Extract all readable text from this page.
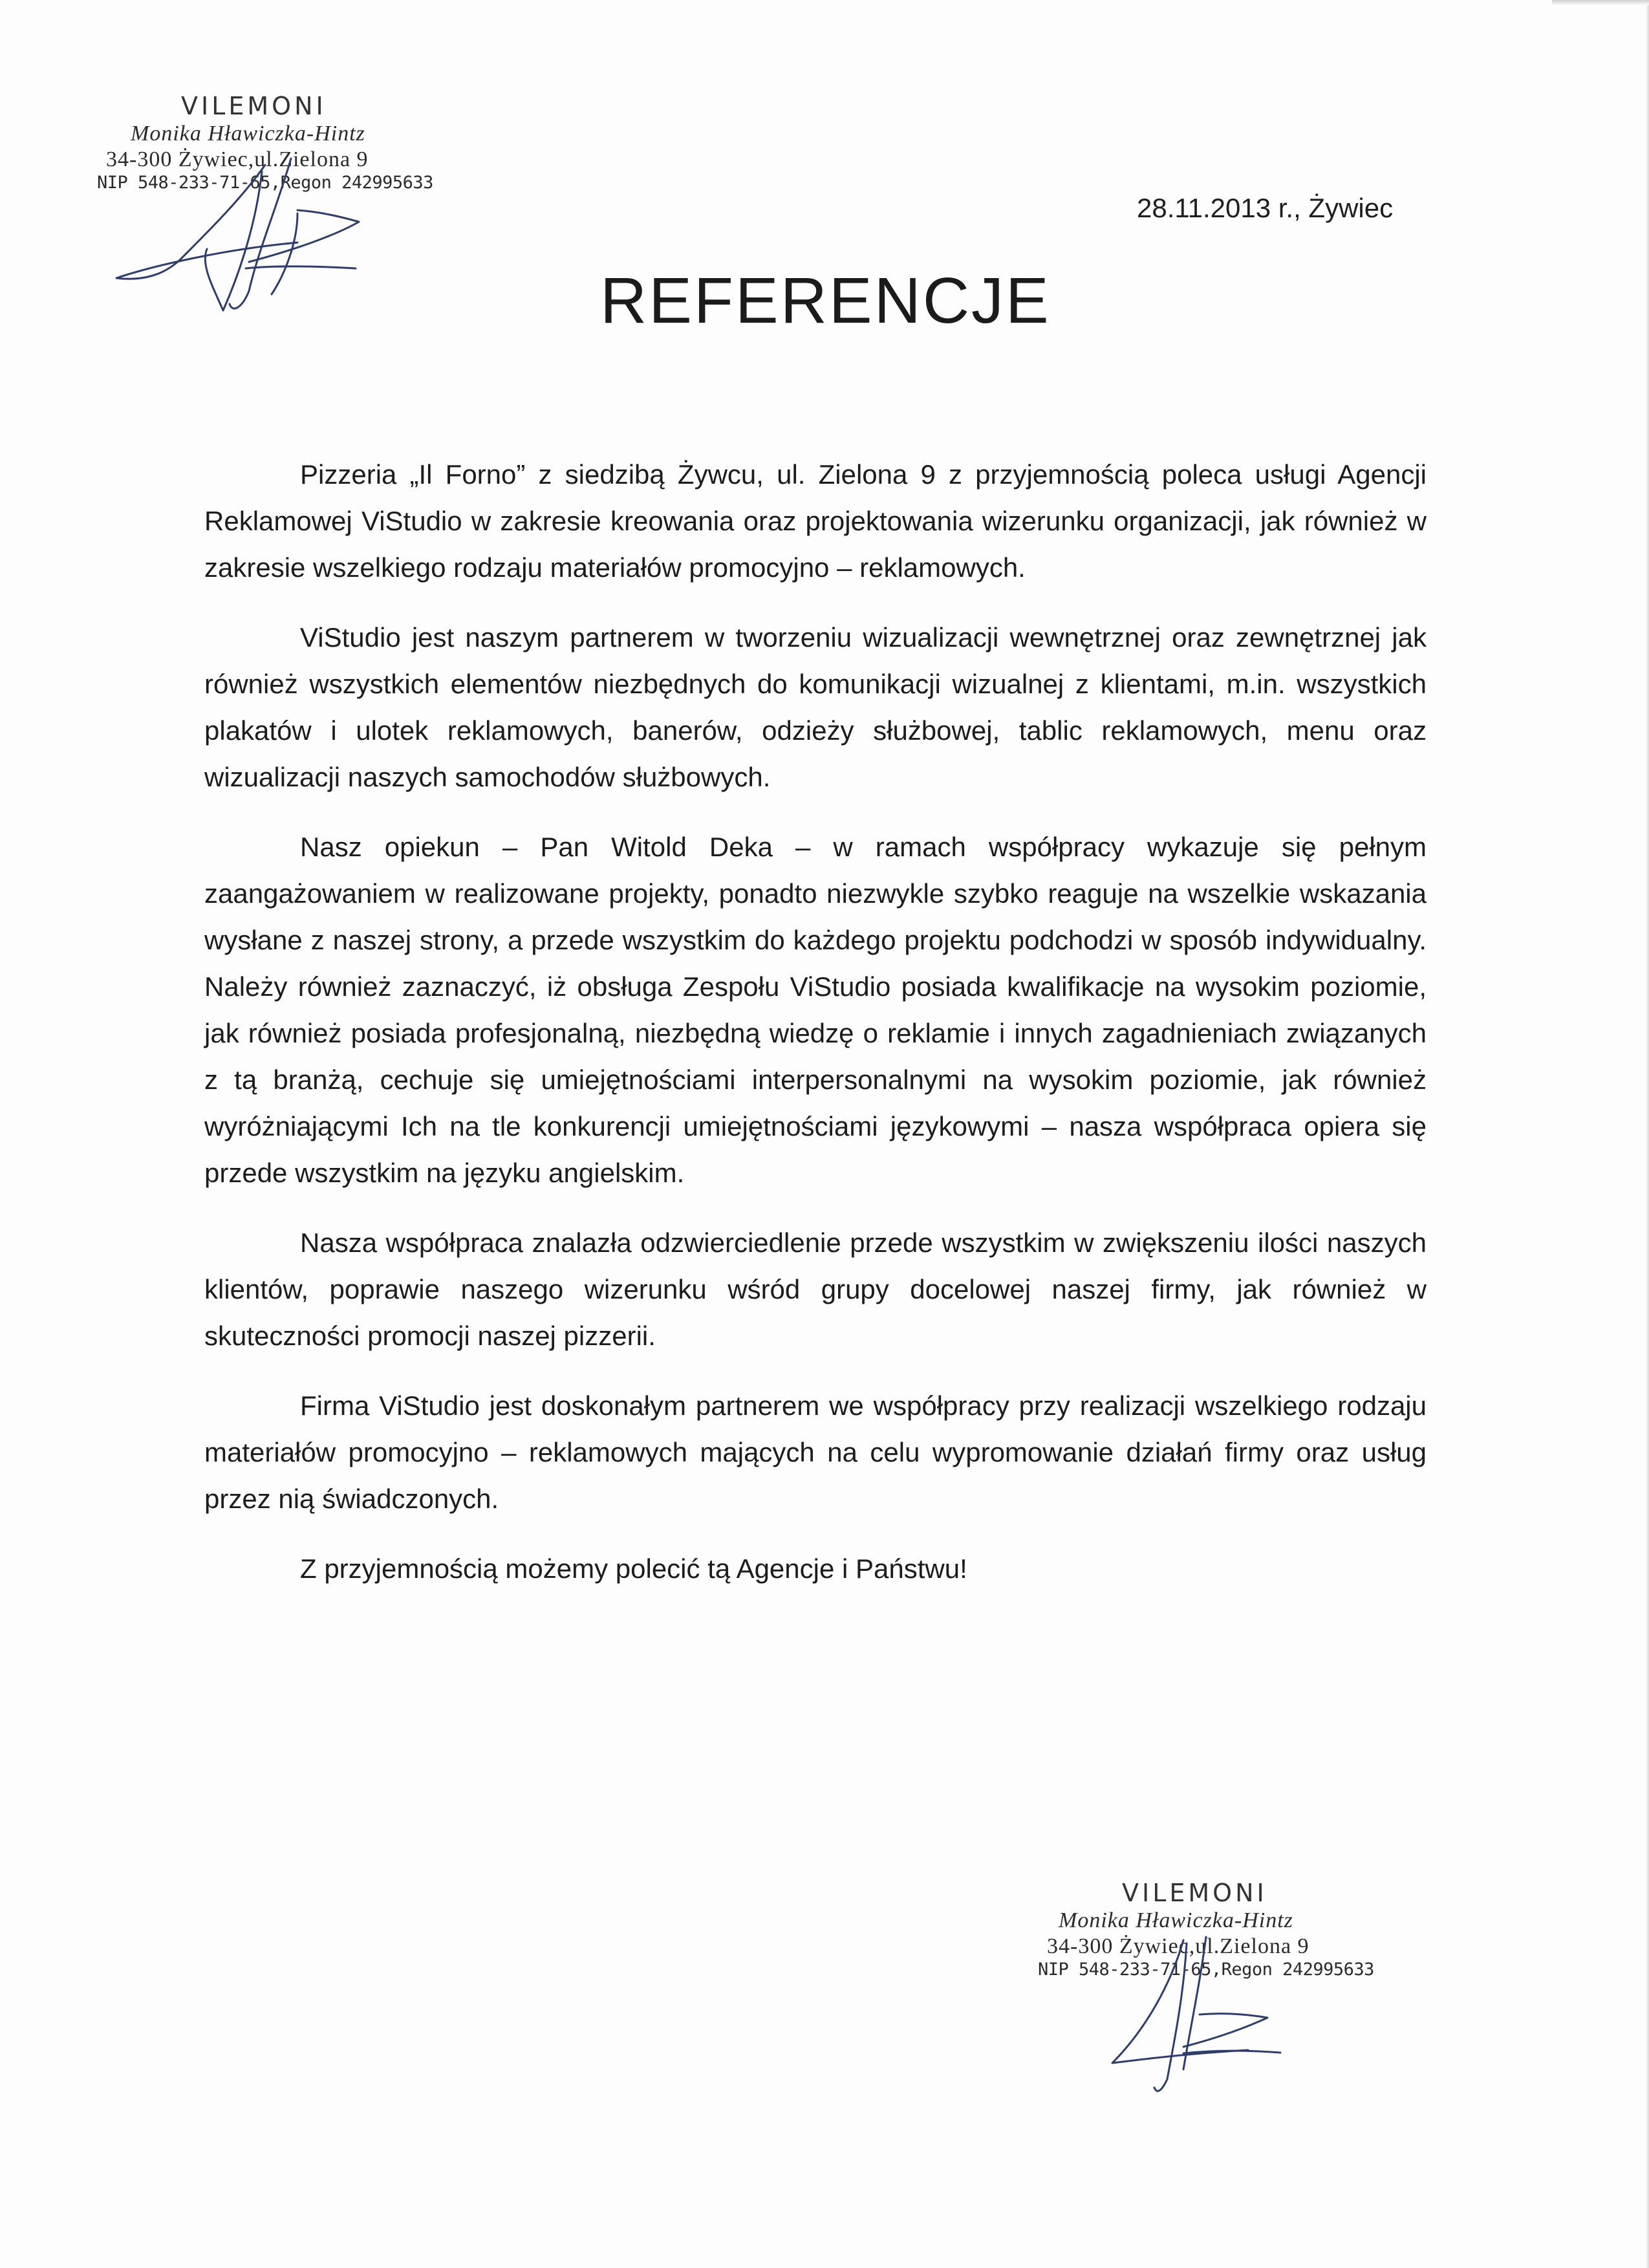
VILEMONI
Monika Hławiczka-Hintz
34-300 Żywiec,ul.Zielona 9
NIP 548-233-71-65,Regon 242995633
28.11.2013 r., Żywiec
REFERENCJE

Pizzeria „Il Forno” z siedzibą Żywcu, ul. Zielona 9 z przyjemnością poleca usługi Agencji Reklamowej ViStudio w zakresie kreowania oraz projektowania wizerunku organizacji, jak również w zakresie wszelkiego rodzaju materiałów promocyjno – reklamowych.

ViStudio jest naszym partnerem w tworzeniu wizualizacji wewnętrznej oraz zewnętrznej jak również wszystkich elementów niezbędnych do komunikacji wizualnej z klientami, m.in. wszystkich plakatów i ulotek reklamowych, banerów, odzieży służbowej, tablic reklamowych, menu oraz wizualizacji naszych samochodów służbowych.

Nasz opiekun – Pan Witold Deka – w ramach współpracy wykazuje się pełnym zaangażowaniem w realizowane projekty, ponadto niezwykle szybko reaguje na wszelkie wskazania wysłane z naszej strony, a przede wszystkim do każdego projektu podchodzi w sposób indywidualny. Należy również zaznaczyć, iż obsługa Zespołu ViStudio posiada kwalifikacje na wysokim poziomie, jak również posiada profesjonalną, niezbędną wiedzę o reklamie i innych zagadnieniach związanych z tą branżą, cechuje się umiejętnościami interpersonalnymi na wysokim poziomie, jak również wyróżniającymi Ich na tle konkurencji umiejętnościami językowymi – nasza współpraca opiera się przede wszystkim na języku angielskim.

Nasza współpraca znalazła odzwierciedlenie przede wszystkim w zwiększeniu ilości naszych klientów, poprawie naszego wizerunku wśród grupy docelowej naszej firmy, jak również w skuteczności promocji naszej pizzerii.

Firma ViStudio jest doskonałym partnerem we współpracy przy realizacji wszelkiego rodzaju materiałów promocyjno – reklamowych mających na celu wypromowanie działań firmy oraz usług przez nią świadczonych.

Z przyjemnością możemy polecić tą Agencje i Państwu!

VILEMONI
Monika Hławiczka-Hintz
34-300 Żywiec,ul.Zielona 9
NIP 548-233-71-65,Regon 242995633
